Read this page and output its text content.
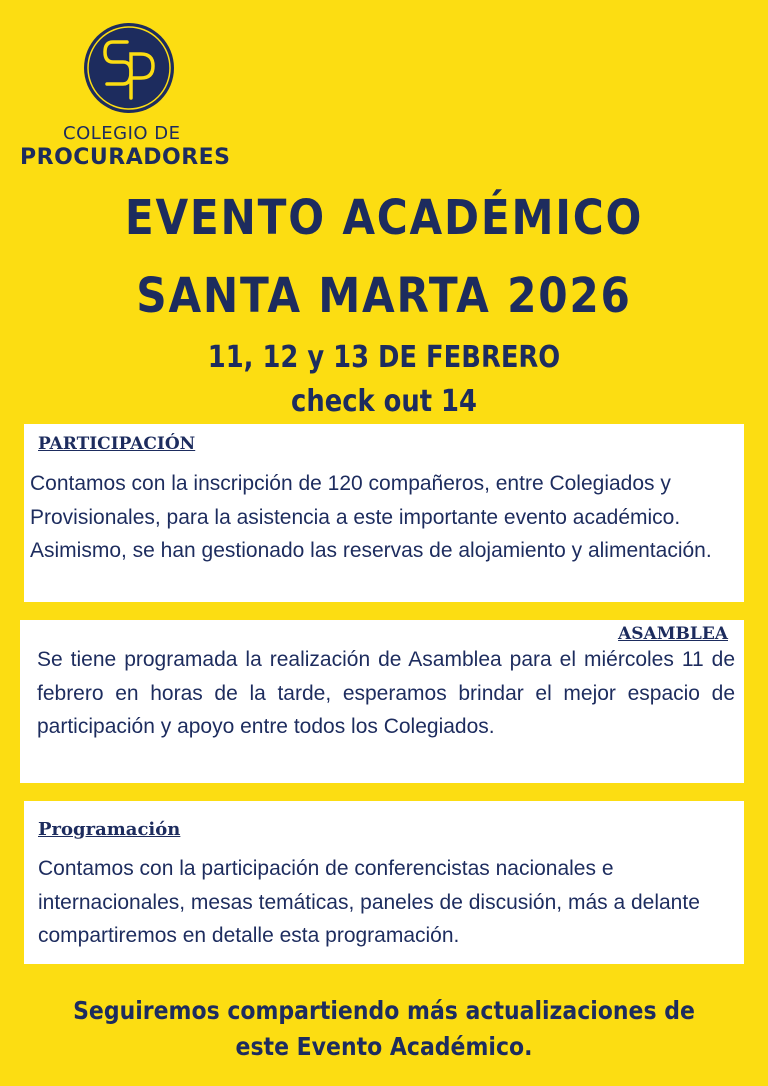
COLEGIO DE
PROCURADORES
EVENTO ACADÉMICO
SANTA MARTA 2026
11, 12 y 13 DE FEBRERO
check out 14
PARTICIPACIÓN
Contamos con la inscripción de 120 compañeros, entre Colegiados y Provisionales, para la asistencia a este importante evento académico. Asimismo, se han gestionado las reservas de alojamiento y alimentación.
ASAMBLEA
Se tiene programada la realización de Asamblea para el miércoles 11 de febrero en horas de la tarde, esperamos brindar el mejor espacio de participación y apoyo entre todos los Colegiados.
Programación
Contamos con la participación de conferencistas nacionales e internacionales, mesas temáticas, paneles de discusión, más a delante compartiremos en detalle esta programación.
Seguiremos compartiendo más actualizaciones de
este Evento Académico.
